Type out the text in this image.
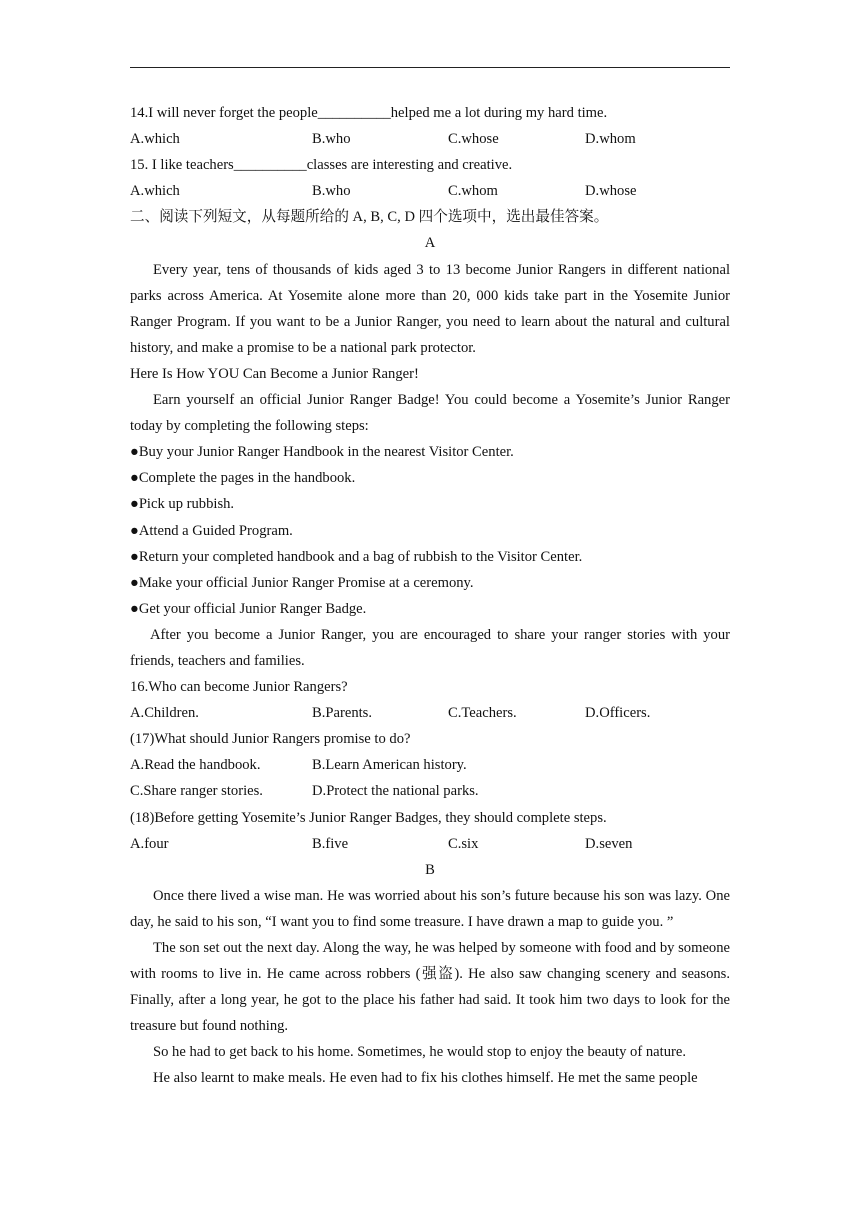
14.I will never forget the people__________helped me a lot during my hard time.
A.which	B.who	C.whose	D.whom
15. I like teachers__________classes are interesting and creative.
A.which	B.who	C.whom	D.whose
二、阅读下列短文，从每题所给的 A, B, C, D 四个选项中，选出最佳答案。
A

Every year, tens of thousands of kids aged 3 to 13 become Junior Rangers in different national parks across America. At Yosemite alone more than 20, 000 kids take part in the Yosemite Junior Ranger Program. If you want to be a Junior Ranger, you need to learn about the natural and cultural history, and make a promise to be a national park protector.

Here Is How YOU Can Become a Junior Ranger!

Earn yourself an official Junior Ranger Badge! You could become a Yosemite’s Junior Ranger today by completing the following steps:

●Buy your Junior Ranger Handbook in the nearest Visitor Center.
●Complete the pages in the handbook.
●Pick up rubbish.
●Attend a Guided Program.
●Return your completed handbook and a bag of rubbish to the Visitor Center.
●Make your official Junior Ranger Promise at a ceremony.
●Get your official Junior Ranger Badge.

After you become a Junior Ranger, you are encouraged to share your ranger stories with your friends, teachers and families.

16.Who can become Junior Rangers?
A.Children.	B.Parents.	C.Teachers.	D.Officers.
(17)What should Junior Rangers promise to do?
A.Read the handbook.	B.Learn American history.
C.Share ranger stories.	D.Protect the national parks.
(18)Before getting Yosemite’s Junior Ranger Badges, they should complete steps.
A.four	B.five	C.six	D.seven
B

Once there lived a wise man. He was worried about his son’s future because his son was lazy. One day, he said to his son, “I want you to find some treasure. I have drawn a map to guide you. ”

The son set out the next day. Along the way, he was helped by someone with food and by someone with rooms to live in. He came across robbers (强盗). He also saw changing scenery and seasons. Finally, after a long year, he got to the place his father had said. It took him two days to look for the treasure but found nothing.

So he had to get back to his home. Sometimes, he would stop to enjoy the beauty of nature.

He also learnt to make meals. He even had to fix his clothes himself. He met the same people
